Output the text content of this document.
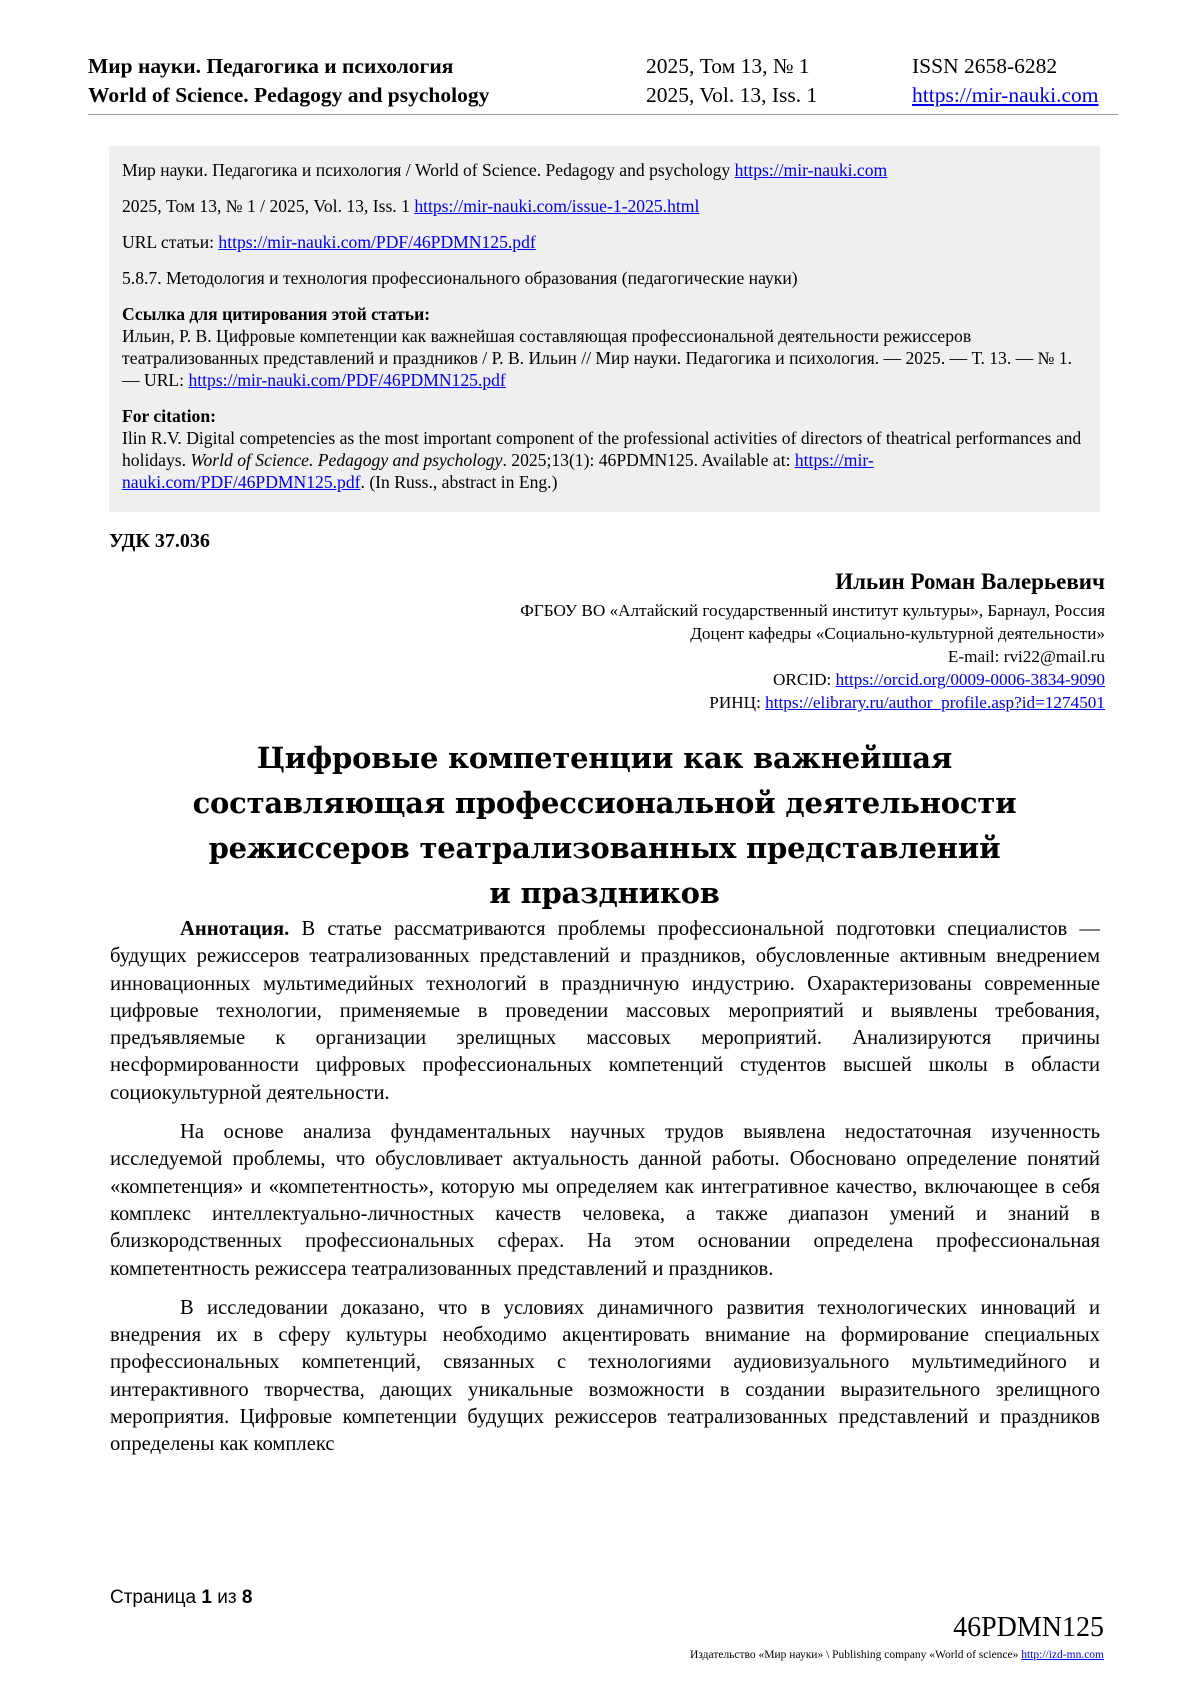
Мир науки. Педагогика и психология
World of Science. Pedagogy and psychology
2025, Том 13, № 1
2025, Vol. 13, Iss. 1
ISSN 2658-6282
https://mir-nauki.com

Мир науки. Педагогика и психология / World of Science. Pedagogy and psychology https://mir-nauki.com

2025, Том 13, № 1 / 2025, Vol. 13, Iss. 1 https://mir-nauki.com/issue-1-2025.html

URL статьи: https://mir-nauki.com/PDF/46PDMN125.pdf

5.8.7. Методология и технология профессионального образования (педагогические науки)

Ссылка для цитирования этой статьи:

Ильин, Р. В. Цифровые компетенции как важнейшая составляющая профессиональной деятельности режиссеров театрализованных представлений и праздников / Р. В. Ильин // Мир науки. Педагогика и психология. — 2025. — Т. 13. — № 1. — URL: https://mir-nauki.com/PDF/46PDMN125.pdf

For citation:

Ilin R.V. Digital competencies as the most important component of the professional activities of directors of theatrical performances and holidays. World of Science. Pedagogy and psychology. 2025;13(1): 46PDMN125. Available at: https://mir-nauki.com/PDF/46PDMN125.pdf. (In Russ., abstract in Eng.)

УДК 37.036
Ильин Роман Валерьевич
ФГБОУ ВО «Алтайский государственный институт культуры», Барнаул, Россия
Доцент кафедры «Социально-культурной деятельности»
E-mail: rvi22@mail.ru
ORCID: https://orcid.org/0009-0006-3834-9090
РИНЦ: https://elibrary.ru/author_profile.asp?id=1274501
Цифровые компетенции как важнейшая
составляющая профессиональной деятельности
режиссеров театрализованных представлений
и праздников

Аннотация. В статье рассматриваются проблемы профессиональной подготовки специалистов — будущих режиссеров театрализованных представлений и праздников, обусловленные активным внедрением инновационных мультимедийных технологий в праздничную индустрию. Охарактеризованы современные цифровые технологии, применяемые в проведении массовых мероприятий и выявлены требования, предъявляемые к организации зрелищных массовых мероприятий. Анализируются причины несформированности цифровых профессиональных компетенций студентов высшей школы в области социокультурной деятельности.

На основе анализа фундаментальных научных трудов выявлена недостаточная изученность исследуемой проблемы, что обусловливает актуальность данной работы. Обосновано определение понятий «компетенция» и «компетентность», которую мы определяем как интегративное качество, включающее в себя комплекс интеллектуально-личностных качеств человека, а также диапазон умений и знаний в близкородственных профессиональных сферах. На этом основании определена профессиональная компетентность режиссера театрализованных представлений и праздников.

В исследовании доказано, что в условиях динамичного развития технологических инноваций и внедрения их в сферу культуры необходимо акцентировать внимание на формирование специальных профессиональных компетенций, связанных с технологиями аудиовизуального мультимедийного и интерактивного творчества, дающих уникальные возможности в создании выразительного зрелищного мероприятия. Цифровые компетенции будущих режиссеров театрализованных представлений и праздников определены как комплекс

Страница 1 из 8
46PDMN125
Издательство «Мир науки» \ Publishing company «World of science» http://izd-mn.com
